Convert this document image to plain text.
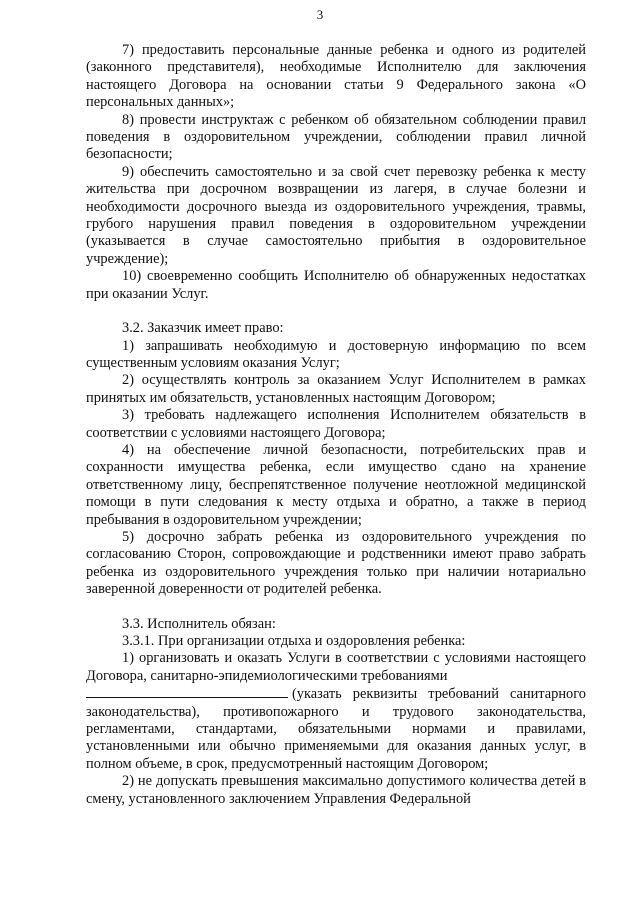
3

7) предоставить персональные данные ребенка и одного из родителей (законного представителя), необходимые Исполнителю для заключения настоящего Договора на основании статьи 9 Федерального закона «О персональных данных»;

8) провести инструктаж с ребенком об обязательном соблюдении правил поведения в оздоровительном учреждении, соблюдении правил личной безопасности;

9) обеспечить самостоятельно и за свой счет перевозку ребенка к месту жительства при досрочном возвращении из лагеря, в случае болезни и необходимости досрочного выезда из оздоровительного учреждения, травмы, грубого нарушения правил поведения в оздоровительном учреждении (указывается в случае самостоятельно прибытия в оздоровительное учреждение);

10) своевременно сообщить Исполнителю об обнаруженных недостатках при оказании Услуг.

3.2. Заказчик имеет право:

1) запрашивать необходимую и достоверную информацию по всем существенным условиям оказания Услуг;

2) осуществлять контроль за оказанием Услуг Исполнителем в рамках принятых им обязательств, установленных настоящим Договором;

3) требовать надлежащего исполнения Исполнителем обязательств в соответствии с условиями настоящего Договора;

4) на обеспечение личной безопасности, потребительских прав и сохранности имущества ребенка, если имущество сдано на хранение ответственному лицу, беспрепятственное получение неотложной медицинской помощи в пути следования к месту отдыха и обратно, а также в период пребывания в оздоровительном учреждении;

5) досрочно забрать ребенка из оздоровительного учреждения по согласованию Сторон, сопровождающие и родственники имеют право забрать ребенка из оздоровительного учреждения только при наличии нотариально заверенной доверенности от родителей ребенка.

3.3. Исполнитель обязан:

3.3.1. При организации отдыха и оздоровления ребенка:

1) организовать и оказать Услуги в соответствии с условиями настоящего Договора, санитарно-эпидемиологическими требованиями

(указать реквизиты требований санитарного законодательства), противопожарного и трудового законодательства, регламентами, стандартами, обязательными нормами и правилами, установленными или обычно применяемыми для оказания данных услуг, в полном объеме, в срок, предусмотренный настоящим Договором;

2) не допускать превышения максимально допустимого количества детей в смену, установленного заключением Управления Федеральной
